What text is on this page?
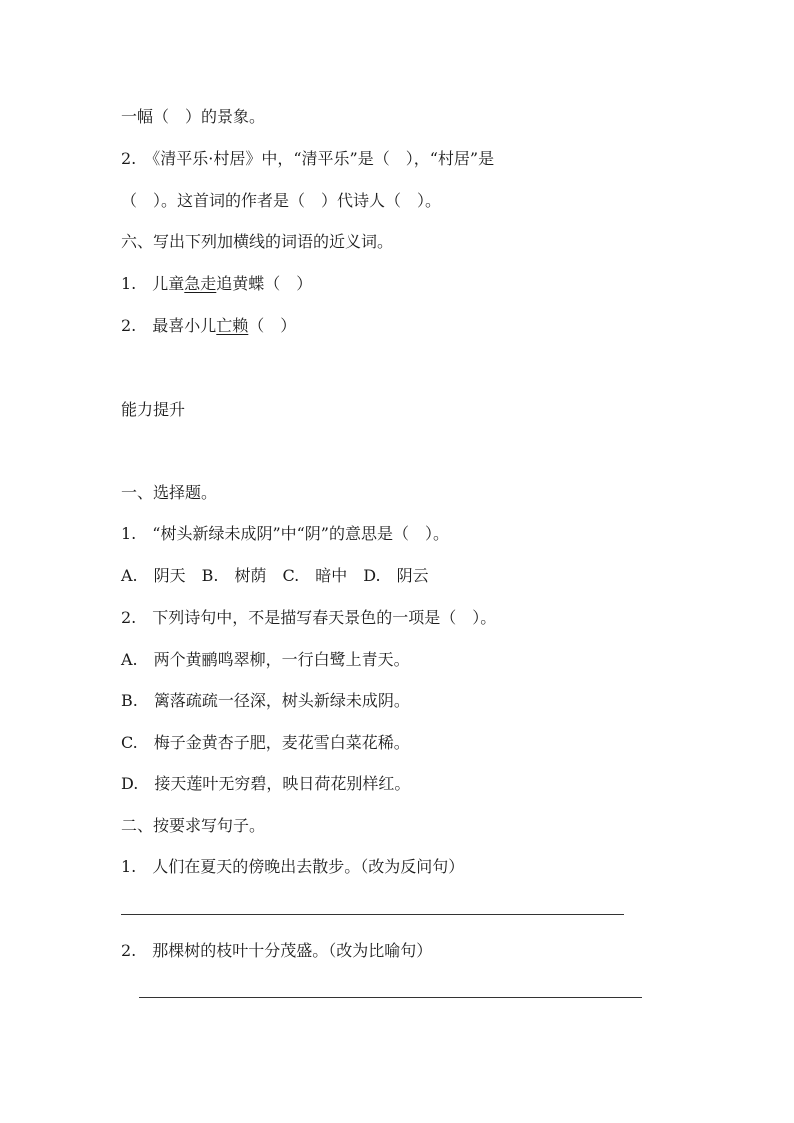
一幅（　）的景象。
2.　《清平乐·村居》中，“清平乐”是（　），“村居”是
（　）。这首词的作者是（　）代诗人（　）。
六、写出下列加横线的词语的近义词。
1.　儿童急走追黄蝶（　）
2.　最喜小儿亡赖（　）
能力提升
一、选择题。
1.　“树头新绿未成阴”中“阴”的意思是（　）。
A.　阴天　B.　树荫　C.　暗中　D.　阴云
2.　下列诗句中，不是描写春天景色的一项是（　）。
A.　两个黄鹂鸣翠柳，一行白鹭上青天。
B.　篱落疏疏一径深，树头新绿未成阴。
C.　梅子金黄杏子肥，麦花雪白菜花稀。
D.　接天莲叶无穷碧，映日荷花别样红。
二、按要求写句子。
1.　人们在夏天的傍晚出去散步。（改为反问句）
2.　那棵树的枝叶十分茂盛。（改为比喻句）
